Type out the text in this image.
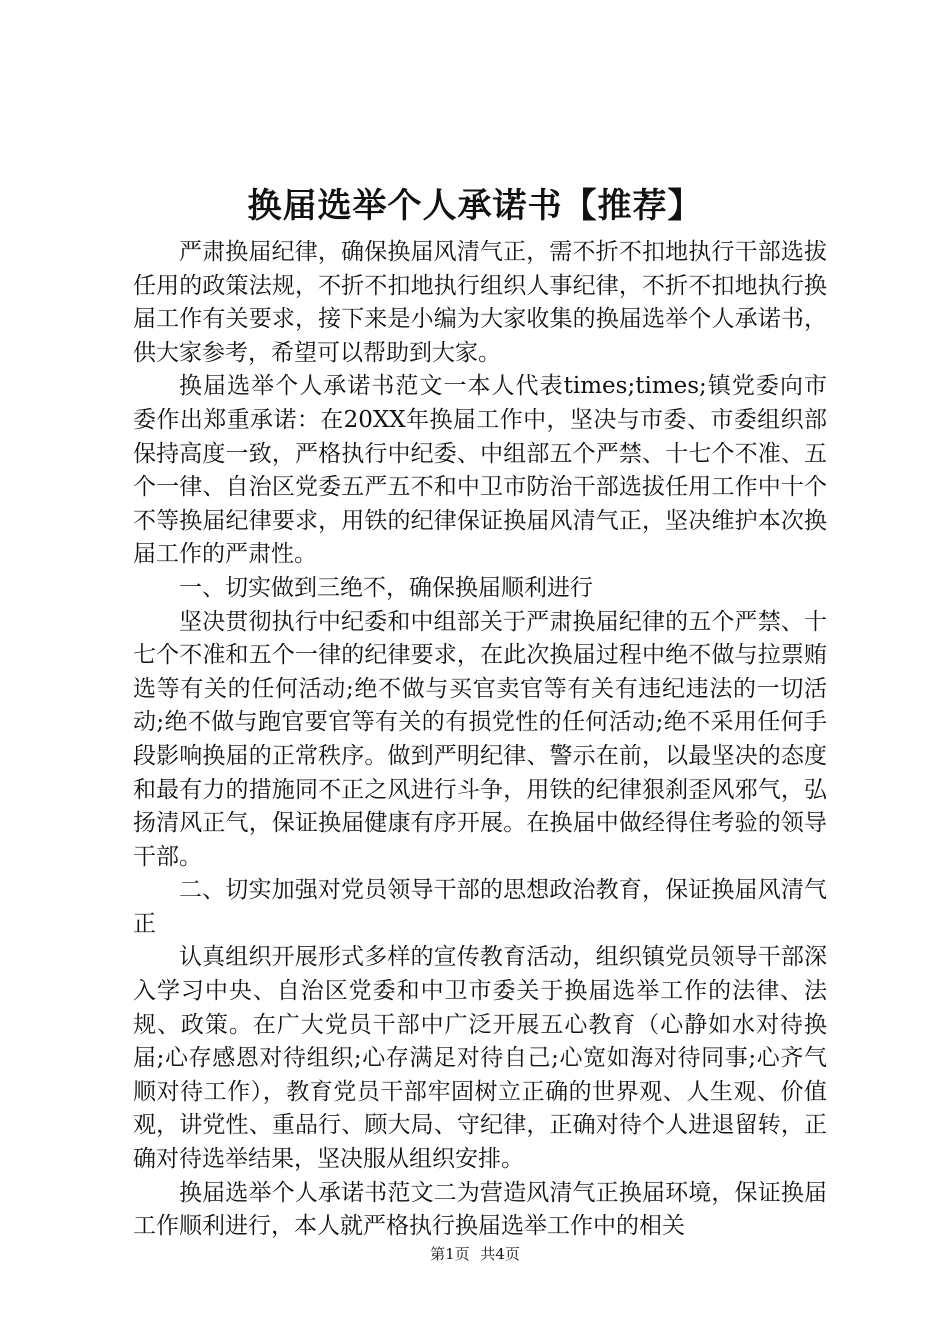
换届选举个人承诺书【推荐】

严肃换届纪律，确保换届风清气正，需不折不扣地执行干部选拔任用的政策法规，不折不扣地执行组织人事纪律，不折不扣地执行换届工作有关要求，接下来是小编为大家收集的换届选举个人承诺书，供大家参考，希望可以帮助到大家。

换届选举个人承诺书范文一本人代表times;times;镇党委向市委作出郑重承诺：在20XX年换届工作中，坚决与市委、市委组织部保持高度一致，严格执行中纪委、中组部五个严禁、十七个不准、五个一律、自治区党委五严五不和中卫市防治干部选拔任用工作中十个不等换届纪律要求，用铁的纪律保证换届风清气正，坚决维护本次换届工作的严肃性。

一、切实做到三绝不，确保换届顺利进行

坚决贯彻执行中纪委和中组部关于严肃换届纪律的五个严禁、十七个不准和五个一律的纪律要求，在此次换届过程中绝不做与拉票贿选等有关的任何活动;绝不做与买官卖官等有关有违纪违法的一切活动;绝不做与跑官要官等有关的有损党性的任何活动;绝不采用任何手段影响换届的正常秩序。做到严明纪律、警示在前，以最坚决的态度和最有力的措施同不正之风进行斗争，用铁的纪律狠刹歪风邪气，弘扬清风正气，保证换届健康有序开展。在换届中做经得住考验的领导干部。

二、切实加强对党员领导干部的思想政治教育，保证换届风清气正

认真组织开展形式多样的宣传教育活动，组织镇党员领导干部深入学习中央、自治区党委和中卫市委关于换届选举工作的法律、法规、政策。在广大党员干部中广泛开展五心教育（心静如水对待换届;心存感恩对待组织;心存满足对待自己;心宽如海对待同事;心齐气顺对待工作），教育党员干部牢固树立正确的世界观、人生观、价值观，讲党性、重品行、顾大局、守纪律，正确对待个人进退留转，正确对待选举结果，坚决服从组织安排。

换届选举个人承诺书范文二为营造风清气正换届环境，保证换届工作顺利进行，本人就严格执行换届选举工作中的相关

第1页 共4页
